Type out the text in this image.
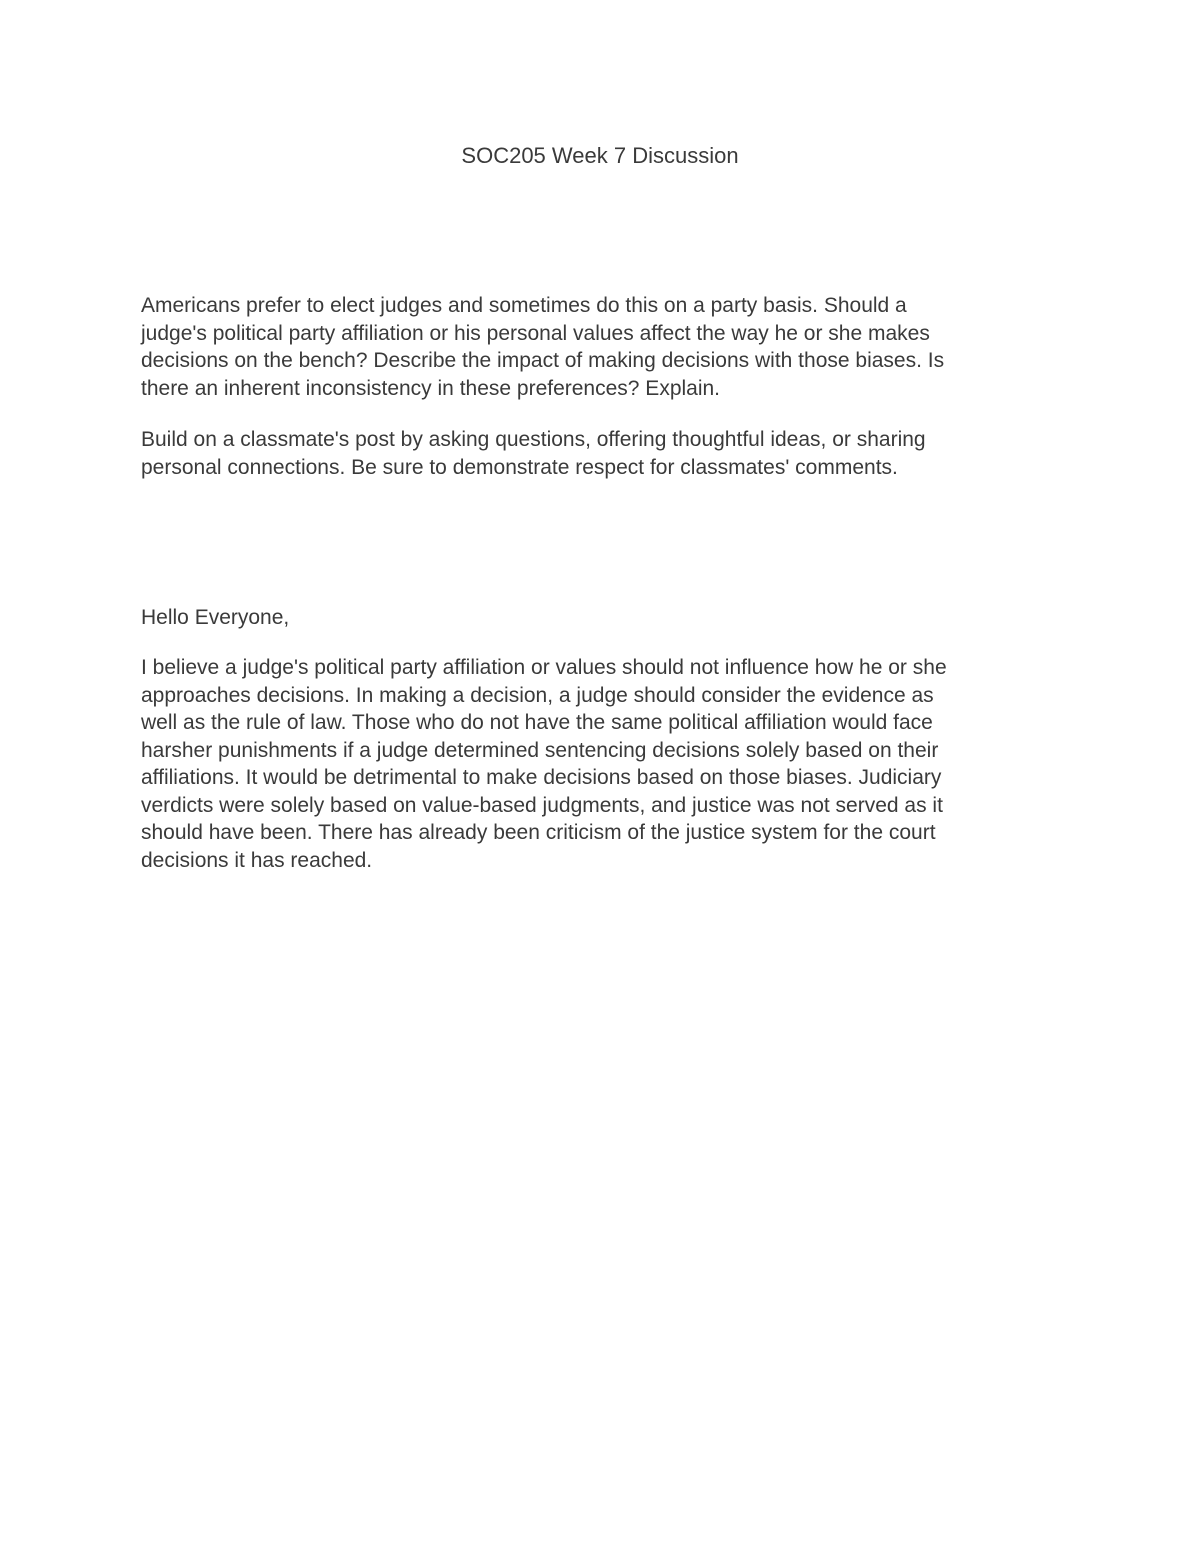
SOC205 Week 7 Discussion

Americans prefer to elect judges and sometimes do this on a party basis. Should a
judge's political party affiliation or his personal values affect the way he or she makes
decisions on the bench? Describe the impact of making decisions with those biases. Is
there an inherent inconsistency in these preferences? Explain.

Build on a classmate's post by asking questions, offering thoughtful ideas, or sharing
personal connections. Be sure to demonstrate respect for classmates' comments.

Hello Everyone,

I believe a judge's political party affiliation or values should not influence how he or she
approaches decisions. In making a decision, a judge should consider the evidence as
well as the rule of law. Those who do not have the same political affiliation would face
harsher punishments if a judge determined sentencing decisions solely based on their
affiliations. It would be detrimental to make decisions based on those biases. Judiciary
verdicts were solely based on value-based judgments, and justice was not served as it
should have been. There has already been criticism of the justice system for the court
decisions it has reached.
